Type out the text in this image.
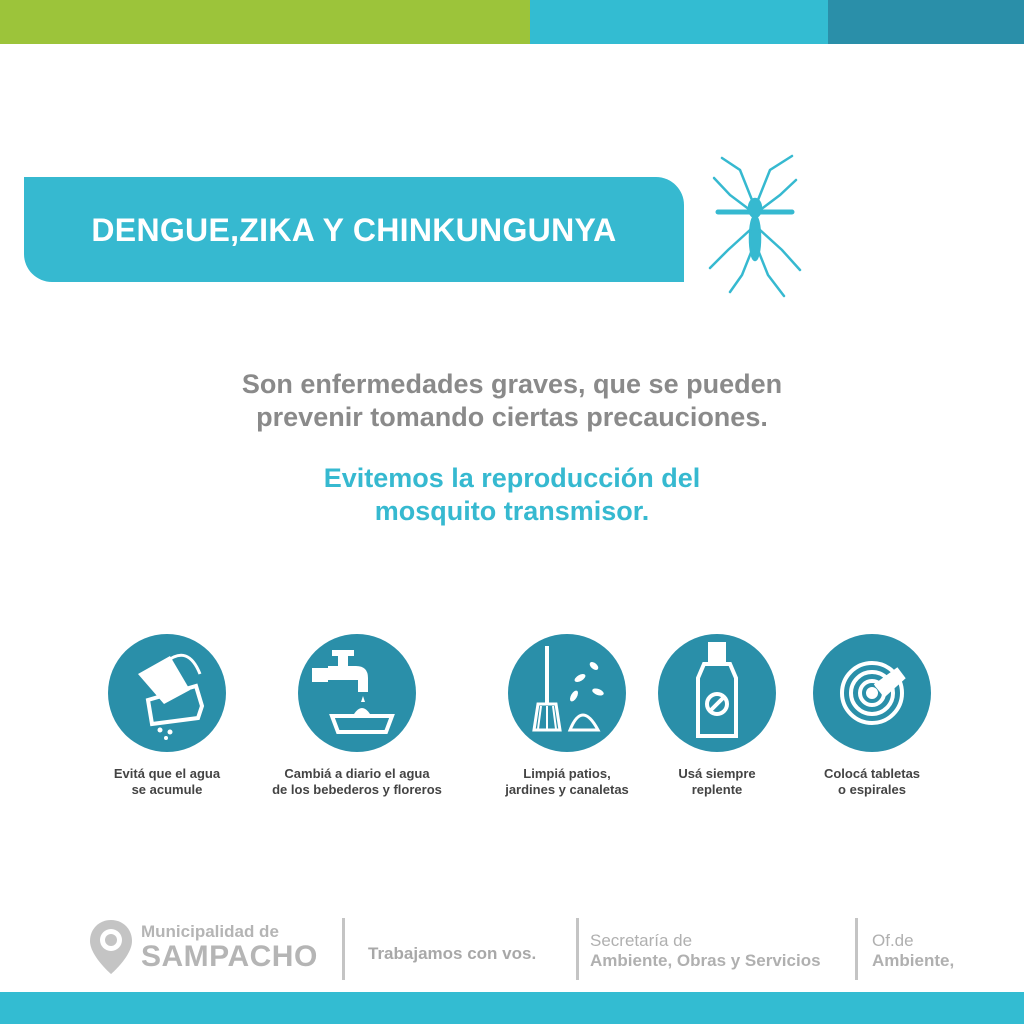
DENGUE,ZIKA Y CHINKUNGUNYA
Son enfermedades graves, que se pueden
prevenir tomando ciertas precauciones.
Evitemos la reproducción del
mosquito transmisor.
Evitá que el agua
se acumule
Cambiá a diario el agua
de los bebederos y floreros
Limpiá patios,
jardines y canaletas
Usá siempre
replente
Colocá tabletas
o espirales
Municipalidad de
SAMPACHO	Trabajamos con vos.
Secretaría de
Ambiente, Obras y Servicios
Of.de
Ambiente,
